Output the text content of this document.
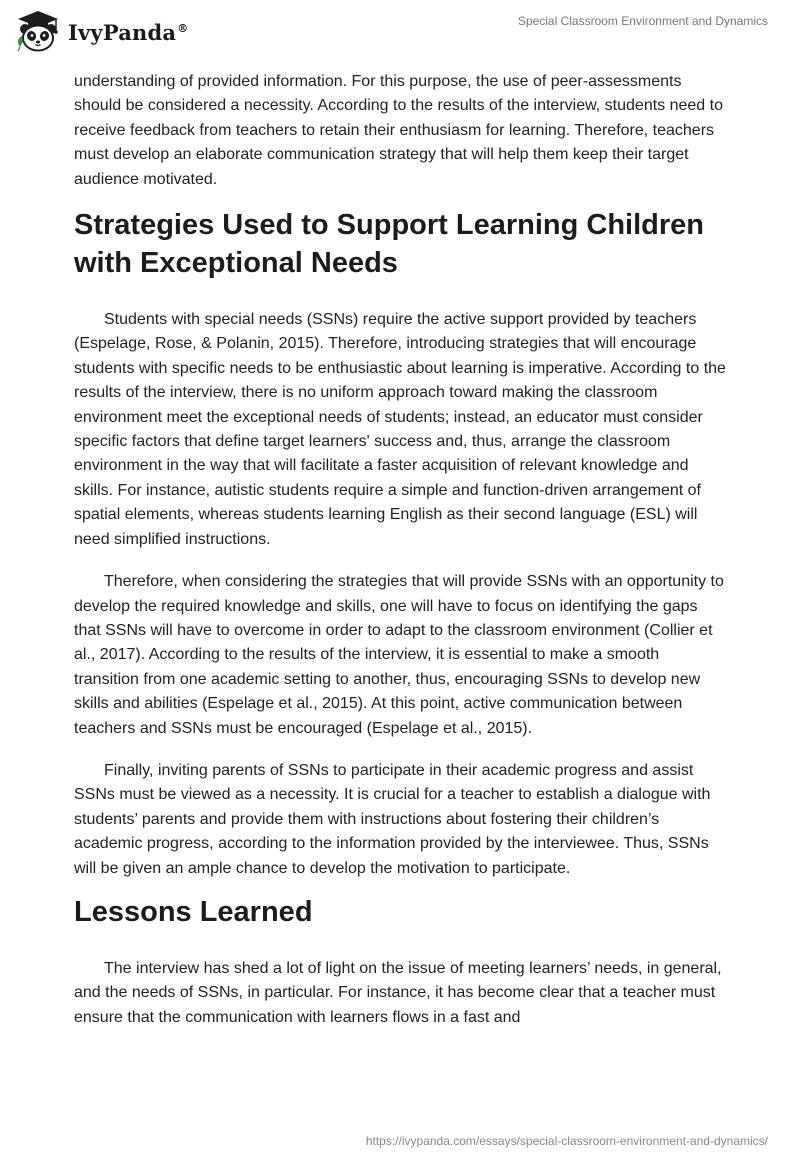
IvyPanda®	Special Classroom Environment and Dynamics

understanding of provided information. For this purpose, the use of peer-assessments should be considered a necessity. According to the results of the interview, students need to receive feedback from teachers to retain their enthusiasm for learning. Therefore, teachers must develop an elaborate communication strategy that will help them keep their target audience motivated.

Strategies Used to Support Learning Children with Exceptional Needs

Students with special needs (SSNs) require the active support provided by teachers (Espelage, Rose, & Polanin, 2015). Therefore, introducing strategies that will encourage students with specific needs to be enthusiastic about learning is imperative. According to the results of the interview, there is no uniform approach toward making the classroom environment meet the exceptional needs of students; instead, an educator must consider specific factors that define target learners' success and, thus, arrange the classroom environment in the way that will facilitate a faster acquisition of relevant knowledge and skills. For instance, autistic students require a simple and function-driven arrangement of spatial elements, whereas students learning English as their second language (ESL) will need simplified instructions.

Therefore, when considering the strategies that will provide SSNs with an opportunity to develop the required knowledge and skills, one will have to focus on identifying the gaps that SSNs will have to overcome in order to adapt to the classroom environment (Collier et al., 2017). According to the results of the interview, it is essential to make a smooth transition from one academic setting to another, thus, encouraging SSNs to develop new skills and abilities (Espelage et al., 2015). At this point, active communication between teachers and SSNs must be encouraged (Espelage et al., 2015).

Finally, inviting parents of SSNs to participate in their academic progress and assist SSNs must be viewed as a necessity. It is crucial for a teacher to establish a dialogue with students’ parents and provide them with instructions about fostering their children’s academic progress, according to the information provided by the interviewee. Thus, SSNs will be given an ample chance to develop the motivation to participate.

Lessons Learned

The interview has shed a lot of light on the issue of meeting learners’ needs, in general, and the needs of SSNs, in particular. For instance, it has become clear that a teacher must ensure that the communication with learners flows in a fast and

https://ivypanda.com/essays/special-classroom-environment-and-dynamics/
